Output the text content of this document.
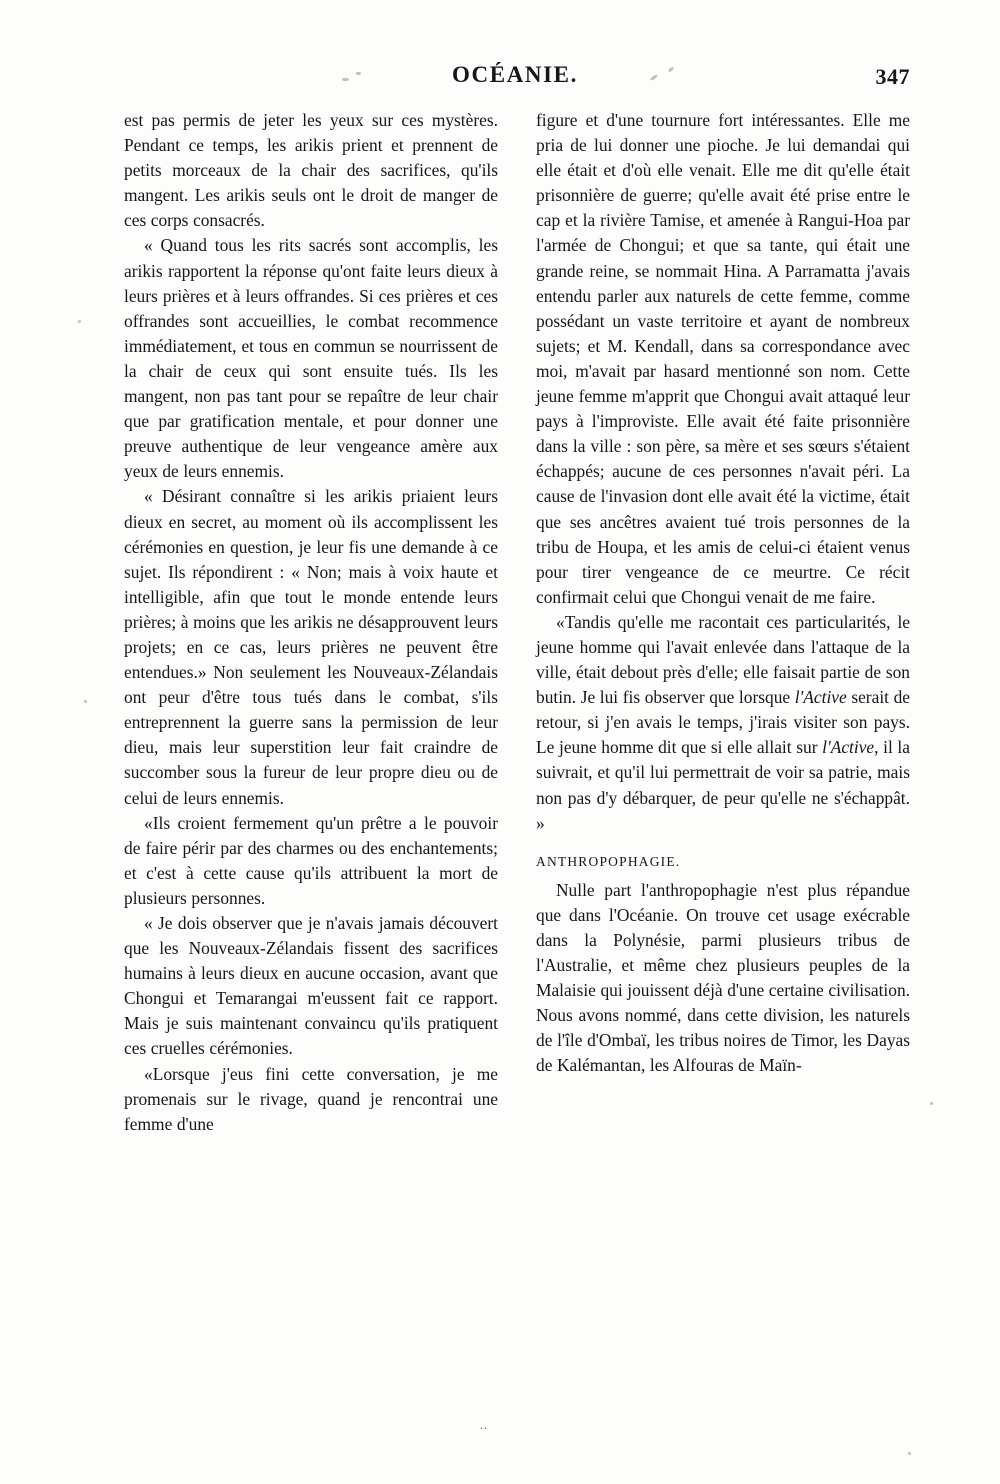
OCÉANIE.	347

est pas permis de jeter les yeux sur ces mystères. Pendant ce temps, les arikis prient et prennent de petits morceaux de la chair des sacrifices, qu'ils mangent. Les arikis seuls ont le droit de manger de ces corps consacrés.

« Quand tous les rits sacrés sont accomplis, les arikis rapportent la réponse qu'ont faite leurs dieux à leurs prières et à leurs offrandes. Si ces prières et ces offrandes sont accueillies, le combat recommence immédiatement, et tous en commun se nourrissent de la chair de ceux qui sont ensuite tués. Ils les mangent, non pas tant pour se repaître de leur chair que par gratification mentale, et pour donner une preuve authentique de leur vengeance amère aux yeux de leurs ennemis.

« Désirant connaître si les arikis priaient leurs dieux en secret, au moment où ils accomplissent les cérémonies en question, je leur fis une demande à ce sujet. Ils répondirent : « Non; mais à voix haute et intelligible, afin que tout le monde entende leurs prières; à moins que les arikis ne désapprouvent leurs projets; en ce cas, leurs prières ne peuvent être entendues.» Non seulement les Nouveaux-Zélandais ont peur d'être tous tués dans le combat, s'ils entreprennent la guerre sans la permission de leur dieu, mais leur superstition leur fait craindre de succomber sous la fureur de leur propre dieu ou de celui de leurs ennemis.

«Ils croient fermement qu'un prêtre a le pouvoir de faire périr par des charmes ou des enchantements; et c'est à cette cause qu'ils attribuent la mort de plusieurs personnes.

« Je dois observer que je n'avais jamais découvert que les Nouveaux-Zélandais fissent des sacrifices humains à leurs dieux en aucune occasion, avant que Chongui et Temarangai m'eussent fait ce rapport. Mais je suis maintenant convaincu qu'ils pratiquent ces cruelles cérémonies.

«Lorsque j'eus fini cette conversation, je me promenais sur le rivage, quand je rencontrai une femme d'une

figure et d'une tournure fort intéressantes. Elle me pria de lui donner une pioche. Je lui demandai qui elle était et d'où elle venait. Elle me dit qu'elle était prisonnière de guerre; qu'elle avait été prise entre le cap et la rivière Tamise, et amenée à Rangui-Hoa par l'armée de Chongui; et que sa tante, qui était une grande reine, se nommait Hina. A Parramatta j'avais entendu parler aux naturels de cette femme, comme possédant un vaste territoire et ayant de nombreux sujets; et M. Kendall, dans sa correspondance avec moi, m'avait par hasard mentionné son nom. Cette jeune femme m'apprit que Chongui avait attaqué leur pays à l'improviste. Elle avait été faite prisonnière dans la ville : son père, sa mère et ses sœurs s'étaient échappés; aucune de ces personnes n'avait péri. La cause de l'invasion dont elle avait été la victime, était que ses ancêtres avaient tué trois personnes de la tribu de Houpa, et les amis de celui-ci étaient venus pour tirer vengeance de ce meurtre. Ce récit confirmait celui que Chongui venait de me faire.

«Tandis qu'elle me racontait ces particularités, le jeune homme qui l'avait enlevée dans l'attaque de la ville, était debout près d'elle; elle faisait partie de son butin. Je lui fis observer que lorsque l'Active serait de retour, si j'en avais le temps, j'irais visiter son pays. Le jeune homme dit que si elle allait sur l'Active, il la suivrait, et qu'il lui permettrait de voir sa patrie, mais non pas d'y débarquer, de peur qu'elle ne s'échappât. »

ANTHROPOPHAGIE.

Nulle part l'anthropophagie n'est plus répandue que dans l'Océanie. On trouve cet usage exécrable dans la Polynésie, parmi plusieurs tribus de l'Australie, et même chez plusieurs peuples de la Malaisie qui jouissent déjà d'une certaine civilisation. Nous avons nommé, dans cette division, les naturels de l'île d'Ombaï, les tribus noires de Timor, les Dayas de Kalémantan, les Alfouras de Maïn-

..
